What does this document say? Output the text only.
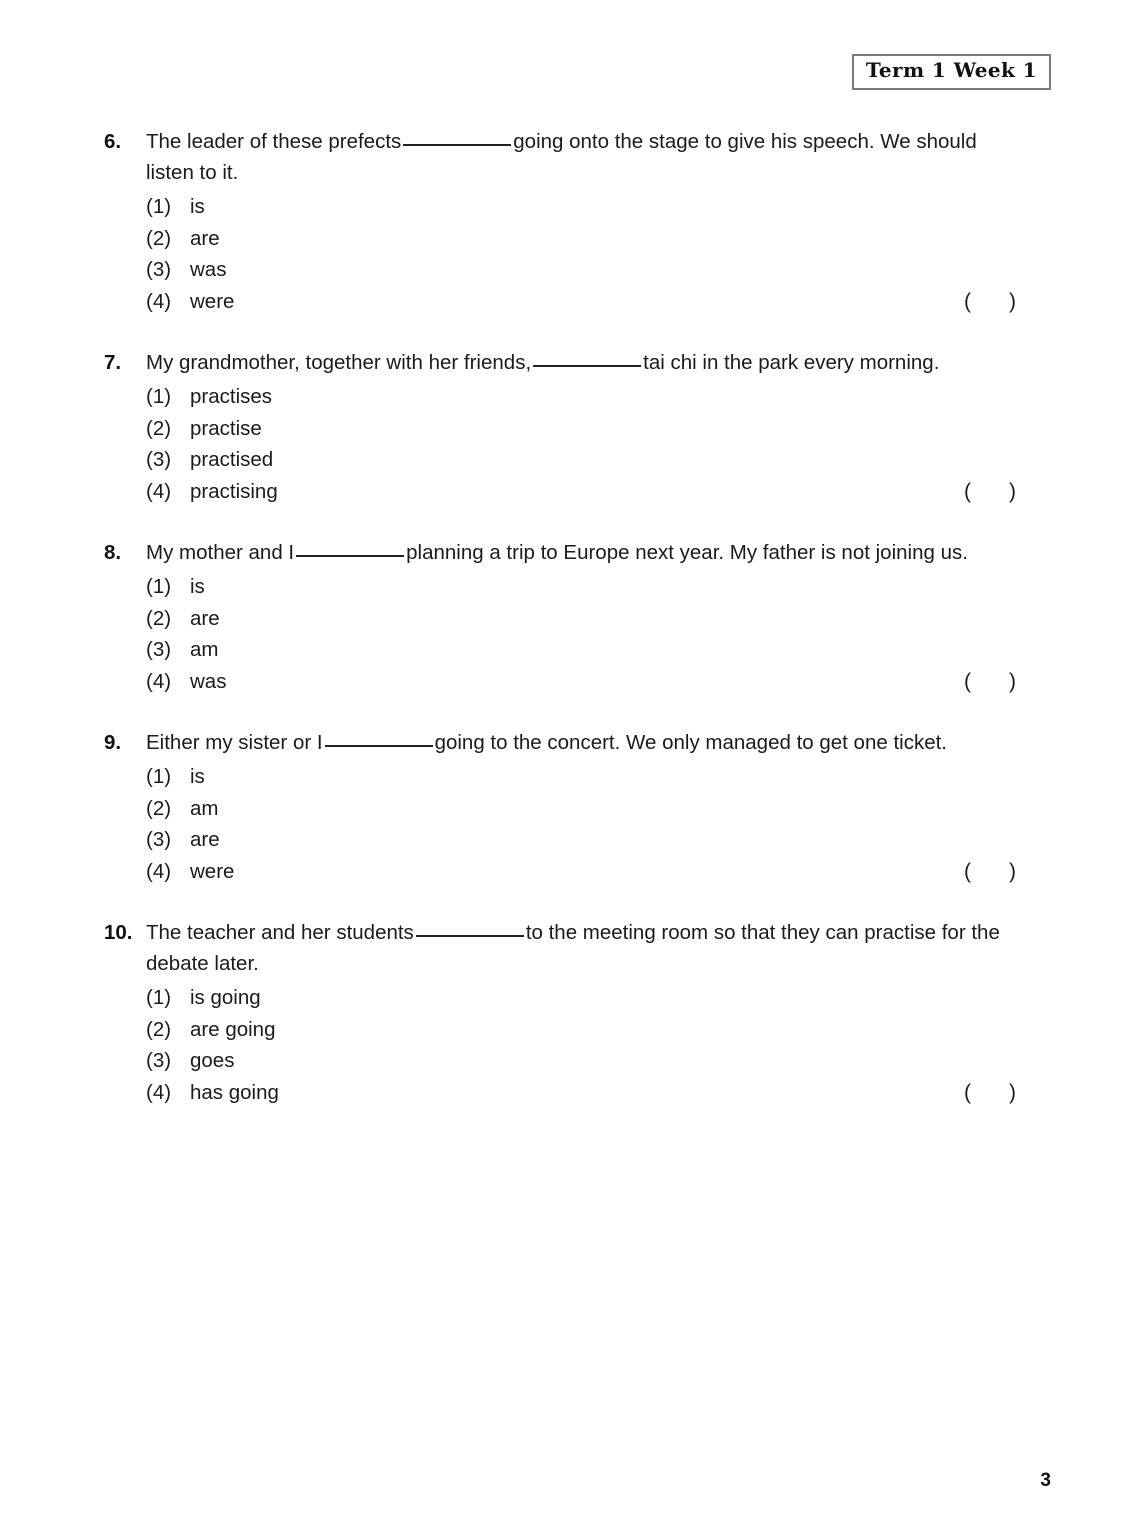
Term 1 Week 1
6.	The leader of these prefects	going onto the stage to give his speech. We should listen to it.
(1) is
(2) are
(3) was
(4) were	( )
7.	My grandmother, together with her friends,	tai chi in the park every morning.
(1) practises
(2) practise
(3) practised
(4) practising	( )
8.	My mother and I	planning a trip to Europe next year. My father is not joining us.
(1) is
(2) are
(3) am
(4) was	( )
9.	Either my sister or I	going to the concert. We only managed to get one ticket.
(1) is
(2) am
(3) are
(4) were	( )
10. The teacher and her students	to the meeting room so that they can practise for the debate later.
(1) is going
(2) are going
(3) goes
(4) has going	( )
3
